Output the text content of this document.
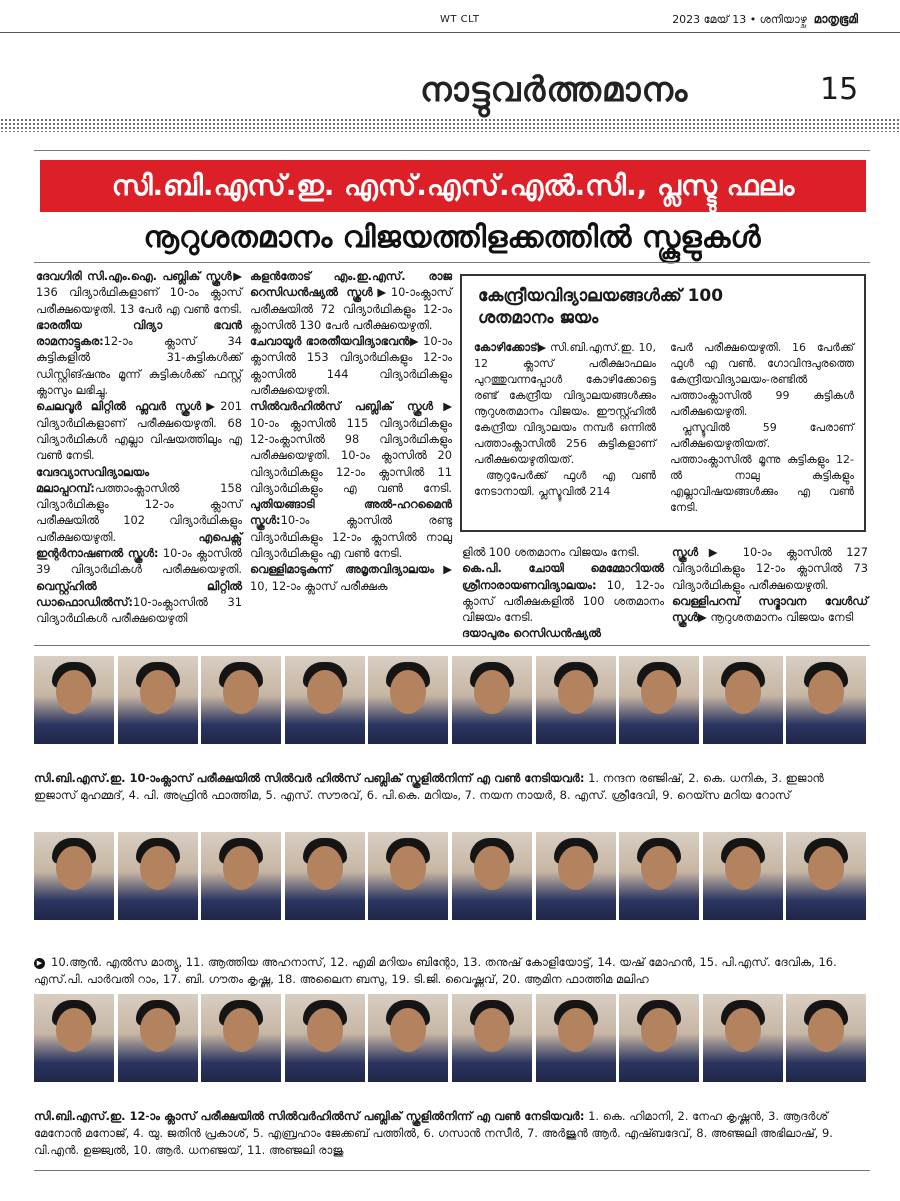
WT CLT	2023 മേയ് 13 • ശനിയാഴ്ച മാതൃഭൂമി
നാട്ടുവർത്തമാനം	15
സി.ബി.എസ്.ഇ. എസ്.എസ്.എൽ.സി., പ്ലസ്ടു ഫലം
നൂറുശതമാനം വിജയത്തിളക്കത്തിൽ സ്കൂളുകൾ

ദേവഗിരി സി.എം.ഐ. പബ്ലിക് സ്കൂൾ▶ 136 വിദ്യാർഥികളാണ് 10-ാം ക്ലാസ് പരീക്ഷയെഴുതി. 13 പേർ എ വൺ നേടി. ഭാരതീയ വിദ്യാ ഭവൻ രാമനാട്ടുകര:12-ാം ക്ലാസ് 34 കുട്ടികളിൽ 31-കുട്ടികൾക്ക് ഡിസ്റ്റിങ്ഷനും മൂന്ന് കുട്ടികൾക്ക് ഫസ്റ്റ് ക്ലാസും ലഭിച്ചു.

ചെലവൂർ ലിറ്റിൽ ഫ്ലവർ സ്കൂൾ▶201 വിദ്യാർഥികളാണ് പരീക്ഷയെഴുതി. 68 വിദ്യാർഥികൾ എല്ലാ വിഷയത്തിലും എ വൺ നേടി.

വേദവ്യാസവിദ്യാലയം മലാപ്പറമ്പ്:പത്താംക്ലാസിൽ 158 വിദ്യാർഥികളും 12-ാം ക്ലാസ് പരീക്ഷയിൽ 102 വിദ്യാർഥികളും പരീക്ഷയെഴുതി.	എപെക്സ് ഇന്റർനാഷണൽ സ്കൂൾ: 10-ാം ക്ലാസിൽ 39 വിദ്യാർഥികൾ പരീക്ഷയെഴുതി. വെസ്റ്റ്ഹിൽ ലിറ്റിൽ ഡാഫൊഡിൽസ്:10-ാംക്ലാസിൽ 31 വിദ്യാർഥികൾ പരീക്ഷയെഴുതി

കളൻതോട് എം.ഇ.എസ്. രാജ റെസിഡൻഷ്യൽ സ്കൂൾ▶10-ാംക്ലാസ് പരീക്ഷയിൽ 72 വിദ്യാർഥികളും 12-ാം ക്ലാസിൽ 130 പേർ പരീക്ഷയെഴുതി.

ചേവായൂർ ഭാരതീയവിദ്യാഭവൻ▶ 10-ാം ക്ലാസിൽ 153 വിദ്യാർഥികളും 12-ാം ക്ലാസിൽ 144 വിദ്യാർഥികളും പരീക്ഷയെഴുതി.

സിൽവർഹിൽസ് പബ്ലിക് സ്കൂൾ▶ 10-ാം ക്ലാസിൽ 115 വിദ്യാർഥികളും 12-ാംക്ലാസിൽ 98 വിദ്യാർഥികളും പരീക്ഷയെഴുതി. 10-ാം ക്ലാസിൽ 20 വിദ്യാർഥികളും 12-ാം ക്ലാസിൽ 11 വിദ്യാർഥികളും എ വൺ നേടി. പുതിയങ്ങാടി അൽ-ഹറമൈൻ സ്കൂൾ:10-ാം ക്ലാസിൽ രണ്ടു വിദ്യാർഥികളും 12-ാം ക്ലാസിൽ നാലു വിദ്യാർഥികളും എ വൺ നേടി.

വെള്ളിമാടുകുന്ന് അമൃതവിദ്യാലയം▶ 10, 12-ാം ക്ലാസ് പരീക്ഷക

കേന്ദ്രീയവിദ്യാലയങ്ങൾക്ക് 100 ശതമാനം ജയം

കോഴിക്കോട്▶ സി.ബി.എസ്.ഇ. 10, 12 ക്ലാസ് പരീക്ഷാഫലം പുറത്തുവന്നപ്പോൾ കോഴിക്കോട്ടെ രണ്ട് കേന്ദ്രീയ വിദ്യാലയങ്ങൾക്കും നൂറുശതമാനം വിജയം. ഈസ്റ്റ്ഹിൽ കേന്ദ്രീയ വിദ്യാലയം നമ്പർ ഒന്നിൽ പത്താംക്ലാസിൽ 256 കുട്ടികളാണ് പരീക്ഷയെഴുതിയത്.

ആറുപേർക്ക് ഫുൾ എ വൺ നേടാനായി. പ്ലസ്ടുവിൽ 214

പേർ പരീക്ഷയെഴുതി. 16 പേർക്ക് ഫുൾ എ വൺ. ഗോവിന്ദപുരത്തെ കേന്ദ്രീയവിദ്യാലയം-രണ്ടിൽ പത്താംക്ലാസിൽ 99 കുട്ടികൾ പരീക്ഷയെഴുതി.

പ്ലസ്ടുവിൽ 59 പേരാണ് പരീക്ഷയെഴുതിയത്. പത്താംക്ലാസിൽ മൂന്നു കുട്ടികളും 12-ൽ നാലു കുട്ടികളും എല്ലാവിഷയങ്ങൾക്കും എ വൺ നേടി.

ളിൽ 100 ശതമാനം വിജയം നേടി.

കെ.പി. ചോയി മെമ്മോറിയൽ ശ്രീനാരായണവിദ്യാലയം: 10, 12-ാം ക്ലാസ് പരീക്ഷകളിൽ 100 ശതമാനം വിജയം നേടി.

ദയാപുരം റെസിഡൻഷ്യൽ

സ്കൂൾ▶ 10-ാം ക്ലാസിൽ 127 വിദ്യാർഥികളും 12-ാം ക്ലാസിൽ 73 വിദ്യാർഥികളും പരീക്ഷയെഴുതി.

വെള്ളിപറമ്പ് സദ്ഭാവന വേൾഡ് സ്കൂൾ▶ നൂറുശതമാനം വിജയം നേടി

സി.ബി.എസ്.ഇ. 10-ാംക്ലാസ് പരീക്ഷയിൽ സിൽവർ ഹിൽസ് പബ്ലിക് സ്കൂളിൽനിന്ന് എ വൺ നേടിയവർ: 1. നന്ദന രഞ്ജിഷ്, 2. കെ. ധനിക, 3. ഇജാൻ ഇജാസ് മുഹമ്മദ്, 4. പി. അഫ്രിൻ ഫാത്തിമ, 5. എസ്. സൗരവ്, 6. പി.കെ. മറിയം, 7. നയന നായർ, 8. എസ്. ശ്രീദേവി, 9. റെയ്സ മറിയ റോസ്
▶ 10.ആൻ. എൽസ മാത്യു, 11. ആത്തിയ അഹനാസ്, 12. എമി മറിയം ബിന്റോ, 13. തനുഷ് കോളിയോട്ട്, 14. യഷ് മോഹൻ, 15. പി.എസ്. ദേവിക, 16. എസ്.പി. പാർവതി റാം, 17. ബി. ഗൗതം കൃഷ്ണ, 18. അലൈന ബസു, 19. ടി.ജി. വൈഷ്ണവ്, 20. ആമിന ഫാത്തിമ മലിഹ
സി.ബി.എസ്.ഇ. 12-ാം ക്ലാസ് പരീക്ഷയിൽ സിൽവർഹിൽസ് പബ്ലിക് സ്കൂളിൽനിന്ന് എ വൺ നേടിയവർ: 1. കെ. ഹിമാനി, 2. നേഹ കൃഷ്ണൻ, 3. ആദർശ് മേനോൻ മനോജ്, 4. യു. ജതിൻ പ്രകാശ്, 5. എബ്രഹാം ജേക്കബ് പത്തിൽ, 6. ഗസാൻ നസീർ, 7. അർജുൻ ആർ. എഷ്ബദേവ്, 8. അഞ്ജലി അഭിലാഷ്, 9. വി.എൻ. ഉജ്ജ്വൽ, 10. ആർ. ധനഞ്ജയ്, 11. അഞ്ജലി രാജു
